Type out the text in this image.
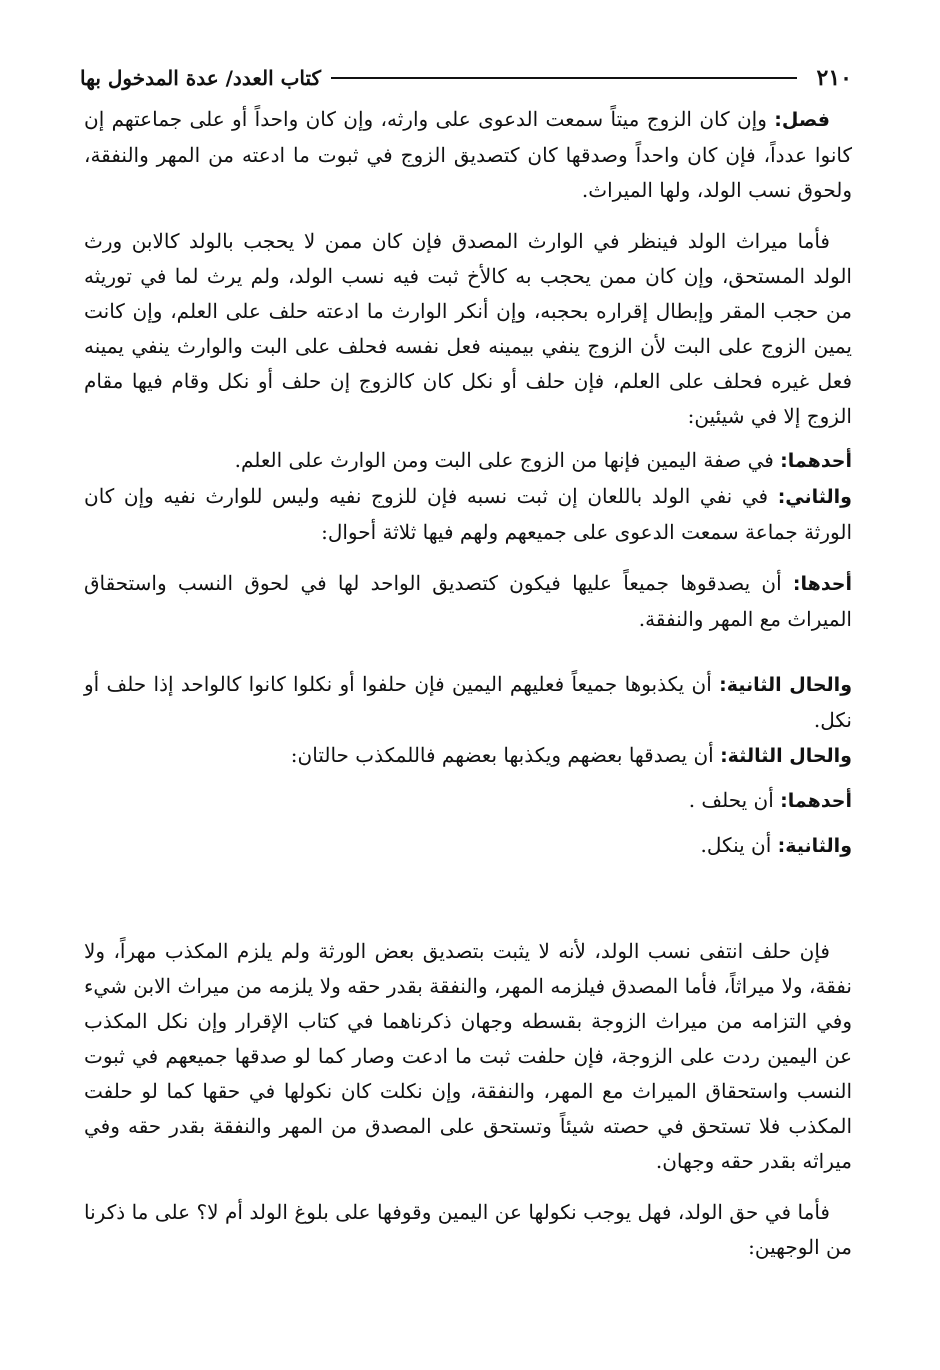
٢١٠
كتاب العدد/ عدة المدخول بها

فصل: وإن كان الزوج ميتاً سمعت الدعوى على وارثه، وإن كان واحداً أو على جماعتهم إن كانوا عدداً، فإن كان واحداً وصدقها كان كتصديق الزوج في ثبوت ما ادعته من المهر والنفقة، ولحوق نسب الولد، ولها الميراث.

فأما ميراث الولد فينظر في الوارث المصدق فإن كان ممن لا يحجب بالولد كالابن ورث الولد المستحق، وإن كان ممن يحجب به كالأخ ثبت فيه نسب الولد، ولم يرث لما في توريثه من حجب المقر وإبطال إقراره بحجبه، وإن أنكر الوارث ما ادعته حلف على العلم، وإن كانت يمين الزوج على البت لأن الزوج ينفي بيمينه فعل نفسه فحلف على البت والوارث ينفي يمينه فعل غيره فحلف على العلم، فإن حلف أو نكل كان كالزوج إن حلف أو نكل وقام فيها مقام الزوج إلا في شيئين:

أحدهما: في صفة اليمين فإنها من الزوج على البت ومن الوارث على العلم.

والثاني: في نفي الولد باللعان إن ثبت نسبه فإن للزوج نفيه وليس للوارث نفيه وإن كان الورثة جماعة سمعت الدعوى على جميعهم ولهم فيها ثلاثة أحوال:

أحدها: أن يصدقوها جميعاً عليها فيكون كتصديق الواحد لها في لحوق النسب واستحقاق الميراث مع المهر والنفقة.

والحال الثانية: أن يكذبوها جميعاً فعليهم اليمين فإن حلفوا أو نكلوا كانوا كالواحد إذا حلف أو نكل.

والحال الثالثة: أن يصدقها بعضهم ويكذبها بعضهم فاللمكذب حالتان:

أحدهما: أن يحلف .

والثانية: أن ينكل.

فإن حلف انتفى نسب الولد، لأنه لا يثبت بتصديق بعض الورثة ولم يلزم المكذب مهراً، ولا نفقة، ولا ميراثاً، فأما المصدق فيلزمه المهر، والنفقة بقدر حقه ولا يلزمه من ميراث الابن شيء وفي التزامه من ميراث الزوجة بقسطه وجهان ذكرناهما في كتاب الإقرار وإن نكل المكذب عن اليمين ردت على الزوجة، فإن حلفت ثبت ما ادعت وصار كما لو صدقها جميعهم في ثبوت النسب واستحقاق الميراث مع المهر، والنفقة، وإن نكلت كان نكولها في حقها كما لو حلفت المكذب فلا تستحق في حصته شيئاً وتستحق على المصدق من المهر والنفقة بقدر حقه وفي ميراثه بقدر حقه وجهان.

فأما في حق الولد، فهل يوجب نكولها عن اليمين وقوفها على بلوغ الولد أم لا؟ على ما ذكرنا من الوجهين:
